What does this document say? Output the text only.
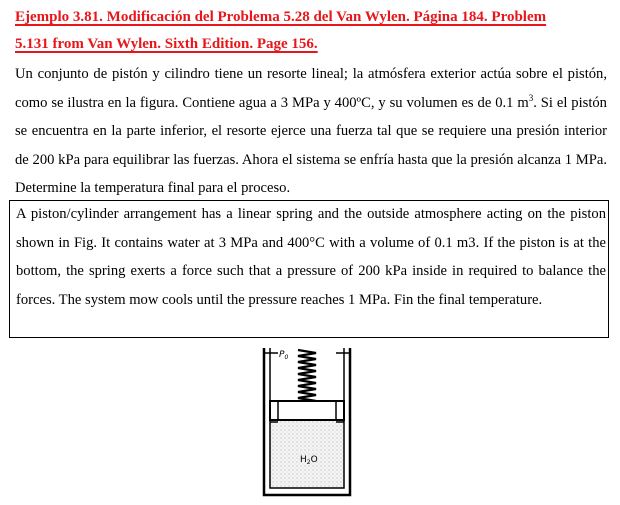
Ejemplo 3.81. Modificación del Problema 5.28 del Van Wylen. Página 184. Problem
5.131 from Van Wylen. Sixth Edition. Page 156.
Un conjunto de pistón y cilindro tiene un resorte lineal; la atmósfera exterior actúa sobre el pistón, como se ilustra en la figura. Contiene agua a 3 MPa y 400ºC, y su volumen es de 0.1 $m^3$. Si el pistón se encuentra en la parte inferior, el resorte ejerce una fuerza tal que se requiere una presión interior de 200 kPa para equilibrar las fuerzas. Ahora el sistema se enfría hasta que la presión alcanza 1 MPa. Determine la temperatura final para el proceso.
A piston/cylinder arrangement has a linear spring and the outside atmosphere acting on the piston shown in Fig. It contains water at 3 MPa and 400°C with a volume of 0.1 m3. If the piston is at the bottom, the spring exerts a force such that a pressure of 200 kPa inside in required to balance the forces. The system mow cools until the pressure reaches 1 MPa. Fin the final temperature.
$P_0$
$H_2O$
